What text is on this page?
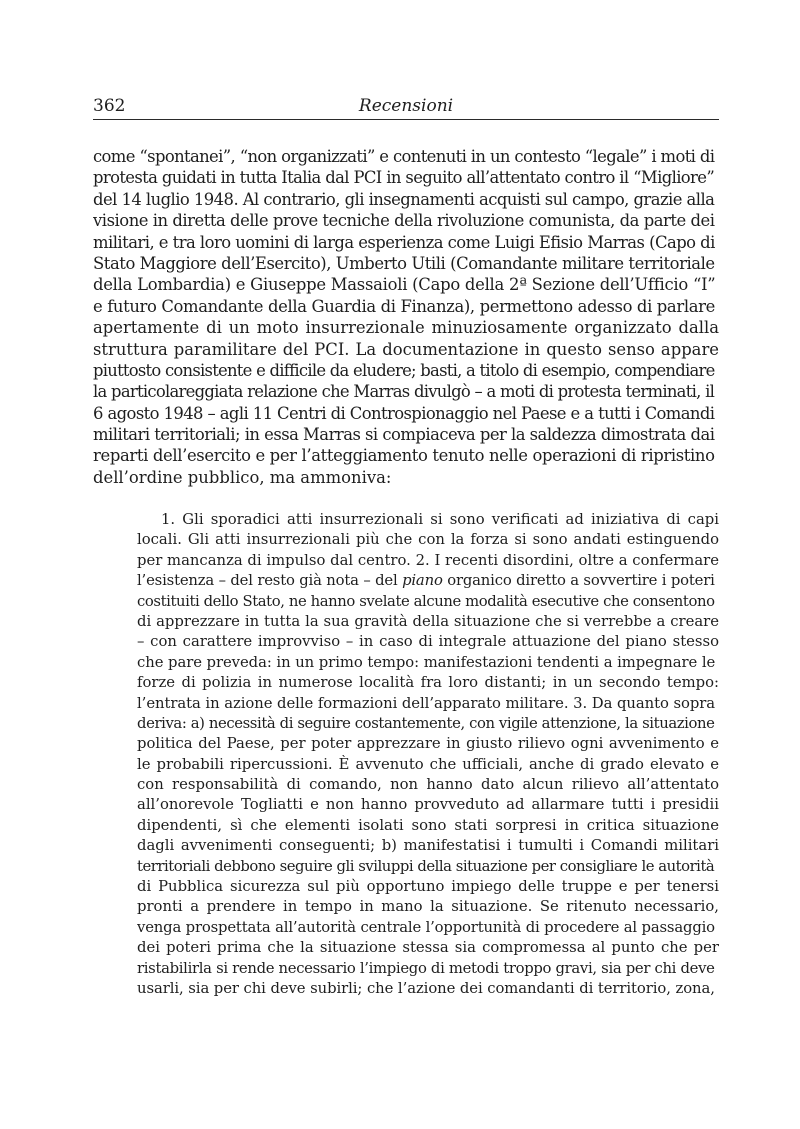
362	Recensioni
come “spontanei”, “non organizzati” e contenuti in un contesto “legale” i moti di
protesta guidati in tutta Italia dal PCI in seguito all’attentato contro il “Migliore”
del 14 luglio 1948. Al contrario, gli insegnamenti acquisti sul campo, grazie alla
visione in diretta delle prove tecniche della rivoluzione comunista, da parte dei
militari, e tra loro uomini di larga esperienza come Luigi Efisio Marras (Capo di
Stato Maggiore dell’Esercito), Umberto Utili (Comandante militare territoriale
della Lombardia) e Giuseppe Massaioli (Capo della 2ª Sezione dell’Ufficio “I”
e futuro Comandante della Guardia di Finanza), permettono adesso di parlare
apertamente di un moto insurrezionale minuziosamente organizzato dalla
struttura paramilitare del PCI. La documentazione in questo senso appare
piuttosto consistente e difficile da eludere; basti, a titolo di esempio, compendiare
la particolareggiata relazione che Marras divulgò – a moti di protesta terminati, il
6 agosto 1948 – agli 11 Centri di Controspionaggio nel Paese e a tutti i Comandi
militari territoriali; in essa Marras si compiaceva per la saldezza dimostrata dai
reparti dell’esercito e per l’atteggiamento tenuto nelle operazioni di ripristino
dell’ordine pubblico, ma ammoniva:
1. Gli sporadici atti insurrezionali si sono verificati ad iniziativa di capi
locali. Gli atti insurrezionali più che con la forza si sono andati estinguendo
per mancanza di impulso dal centro. 2. I recenti disordini, oltre a confermare
l’esistenza – del resto già nota – del piano organico diretto a sovvertire i poteri
costituiti dello Stato, ne hanno svelate alcune modalità esecutive che consentono
di apprezzare in tutta la sua gravità della situazione che si verrebbe a creare
– con carattere improvviso – in caso di integrale attuazione del piano stesso
che pare preveda: in un primo tempo: manifestazioni tendenti a impegnare le
forze di polizia in numerose località fra loro distanti; in un secondo tempo:
l’entrata in azione delle formazioni dell’apparato militare. 3. Da quanto sopra
deriva: a) necessità di seguire costantemente, con vigile attenzione, la situazione
politica del Paese, per poter apprezzare in giusto rilievo ogni avvenimento e
le probabili ripercussioni. È avvenuto che ufficiali, anche di grado elevato e
con responsabilità di comando, non hanno dato alcun rilievo all’attentato
all’onorevole Togliatti e non hanno provveduto ad allarmare tutti i presidii
dipendenti, sì che elementi isolati sono stati sorpresi in critica situazione
dagli avvenimenti conseguenti; b) manifestatisi i tumulti i Comandi militari
territoriali debbono seguire gli sviluppi della situazione per consigliare le autorità
di Pubblica sicurezza sul più opportuno impiego delle truppe e per tenersi
pronti a prendere in tempo in mano la situazione. Se ritenuto necessario,
venga prospettata all’autorità centrale l’opportunità di procedere al passaggio
dei poteri prima che la situazione stessa sia compromessa al punto che per
ristabilirla si rende necessario l’impiego di metodi troppo gravi, sia per chi deve
usarli, sia per chi deve subirli; che l’azione dei comandanti di territorio, zona,
